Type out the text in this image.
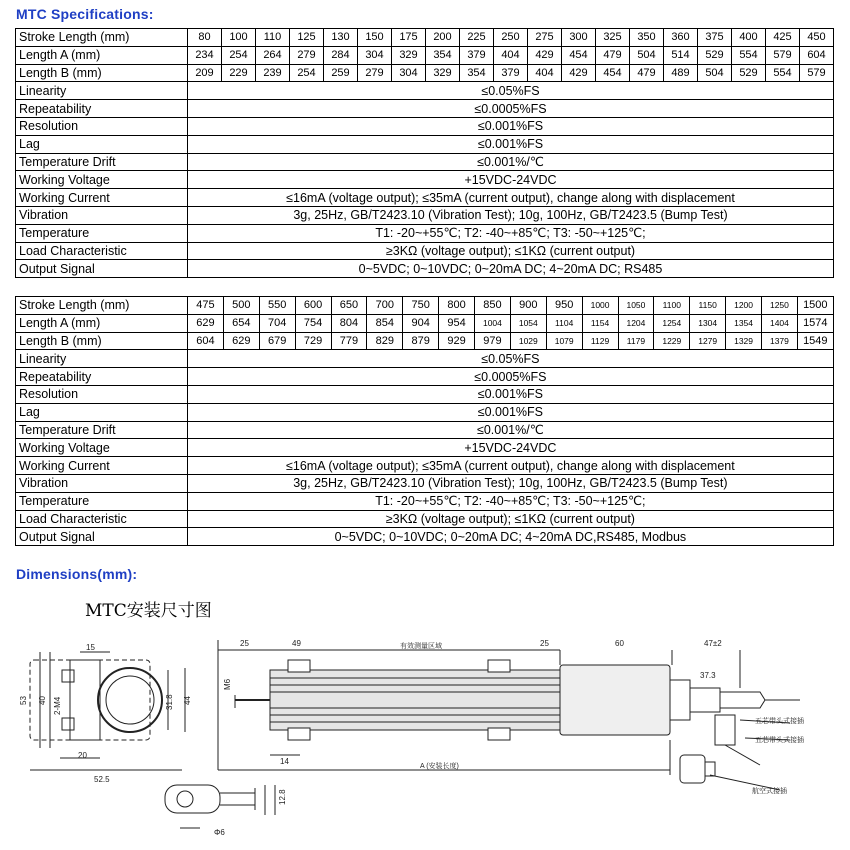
MTC Specifications:
Stroke Length (mm)	80	100	110	125	130	150	175	200	225	250	275	300	325	350	360	375	400	425	450
Length A (mm)	234	254	264	279	284	304	329	354	379	404	429	454	479	504	514	529	554	579	604
Length B (mm)	209	229	239	254	259	279	304	329	354	379	404	429	454	479	489	504	529	554	579
Linearity	≤0.05%FS																		
Repeatability	≤0.0005%FS																		
Resolution	≤0.001%FS																		
Lag	≤0.001%FS																		
Temperature Drift	≤0.001%/℃																		
Working Voltage	+15VDC-24VDC																		
Working Current	≤16mA (voltage output); ≤35mA (current output), change along with displacement																		
Vibration	3g, 25Hz, GB/T2423.10 (Vibration Test); 10g, 100Hz, GB/T2423.5 (Bump Test)																		
Temperature	T1: -20~+55℃; T2: -40~+85℃; T3: -50~+125℃;																		
Load Characteristic	≥3KΩ (voltage output); ≤1KΩ (current output)																		
Output Signal	0~5VDC; 0~10VDC; 0~20mA DC; 4~20mA DC; RS485																		
Stroke Length (mm)	475	500	550	600	650	700	750	800	850	900	950	1000	1050	1100	1150	1200	1250	1500
Length A (mm)	629	654	704	754	804	854	904	954	1004	1054	1104	1154	1204	1254	1304	1354	1404	1574
Length B (mm)	604	629	679	729	779	829	879	929	979	1029	1079	1129	1179	1229	1279	1329	1379	1549
Linearity	≤0.05%FS																	
Repeatability	≤0.0005%FS																	
Resolution	≤0.001%FS																	
Lag	≤0.001%FS																	
Temperature Drift	≤0.001%/℃																	
Working Voltage	+15VDC-24VDC																	
Working Current	≤16mA (voltage output); ≤35mA (current output), change along with displacement																	
Vibration	3g, 25Hz, GB/T2423.10 (Vibration Test); 10g, 100Hz, GB/T2423.5 (Bump Test)																	
Temperature	T1: -20~+55℃; T2: -40~+85℃; T3: -50~+125℃;																	
Load Characteristic	≥3KΩ (voltage output); ≤1KΩ (current output)																	
Output Signal	0~5VDC; 0~10VDC; 0~20mA DC; 4~20mA DC,RS485, Modbus																	
Dimensions(mm):
MTC安装尺寸图
15
53 40 2-M4
20
52.5
31.8 44
M6
25	49	有效测量区域	25	60	47±2
37.3
14
A (安装长度)
12.8
Φ6
五芯带头式接插
五芯带头式接插
航空式接插
